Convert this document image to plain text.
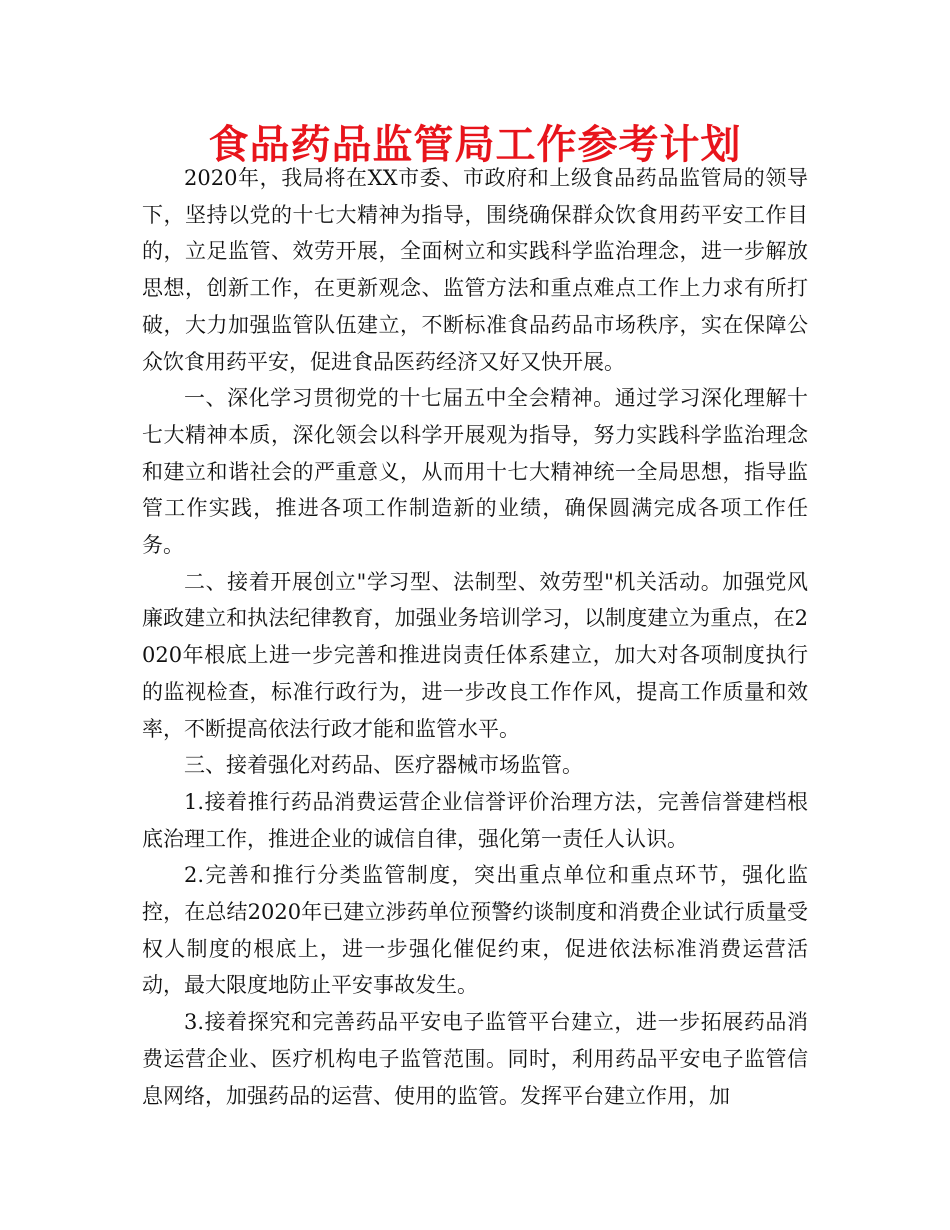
食品药品监管局工作参考计划

2020年，我局将在XX市委、市政府和上级食品药品监管局的领导下，坚持以党的十七大精神为指导，围绕确保群众饮食用药平安工作目的，立足监管、效劳开展，全面树立和实践科学监治理念，进一步解放思想，创新工作，在更新观念、监管方法和重点难点工作上力求有所打破，大力加强监管队伍建立，不断标准食品药品市场秩序，实在保障公众饮食用药平安，促进食品医药经济又好又快开展。

一、深化学习贯彻党的十七届五中全会精神。通过学习深化理解十七大精神本质，深化领会以科学开展观为指导，努力实践科学监治理念和建立和谐社会的严重意义，从而用十七大精神统一全局思想，指导监管工作实践，推进各项工作制造新的业绩，确保圆满完成各项工作任务。

二、接着开展创立"学习型、法制型、效劳型"机关活动。加强党风廉政建立和执法纪律教育，加强业务培训学习，以制度建立为重点，在2020年根底上进一步完善和推进岗责任体系建立，加大对各项制度执行的监视检查，标准行政行为，进一步改良工作作风，提高工作质量和效率，不断提高依法行政才能和监管水平。

三、接着强化对药品、医疗器械市场监管。

1.接着推行药品消费运营企业信誉评价治理方法，完善信誉建档根底治理工作，推进企业的诚信自律，强化第一责任人认识。

2.完善和推行分类监管制度，突出重点单位和重点环节，强化监控，在总结2020年已建立涉药单位预警约谈制度和消费企业试行质量受权人制度的根底上，进一步强化催促约束，促进依法标准消费运营活动，最大限度地防止平安事故发生。

3.接着探究和完善药品平安电子监管平台建立，进一步拓展药品消费运营企业、医疗机构电子监管范围。同时，利用药品平安电子监管信息网络，加强药品的运营、使用的监管。发挥平台建立作用，加
